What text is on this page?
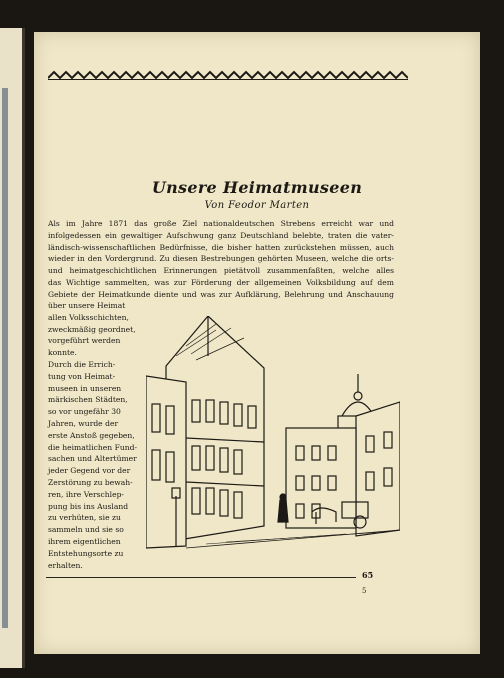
Unsere Heimatmuseen
Von Feodor Marten
Als im Jahre 1871 das große Ziel nationaldeutschen Strebens erreicht war und
infolgedessen ein gewaltiger Aufschwung ganz Deutschland belebte, traten die vater-
ländisch-wissenschaftlichen Bedürfnisse, die bisher hatten zurückstehen müssen, auch
wieder in den Vordergrund. Zu diesen Bestrebungen gehörten Museen, welche die orts-
und heimatgeschichtlichen Erinnerungen pietätvoll zusammenfaßten, welche alles
das Wichtige sammelten, was zur Förderung der allgemeinen Volksbildung auf dem
Gebiete der Heimatkunde diente und was zur Aufklärung, Belehrung und Anschauung
über unsere Heimat
allen Volksschichten,
zweckmäßig geordnet,
vorgeführt werden
konnte.
Durch die Errich-
tung von Heimat-
museen in unseren
märkischen Städten,
so vor ungefähr 30
Jahren, wurde der
erste Anstoß gegeben,
die heimatlichen Fund-
sachen und Altertümer
jeder Gegend vor der
Zerstörung zu bewah-
ren, ihre Verschlep-
pung bis ins Ausland
zu verhüten, sie zu
sammeln und sie so
ihrem eigentlichen
Entstehungsorte zu
erhalten.
65
5
